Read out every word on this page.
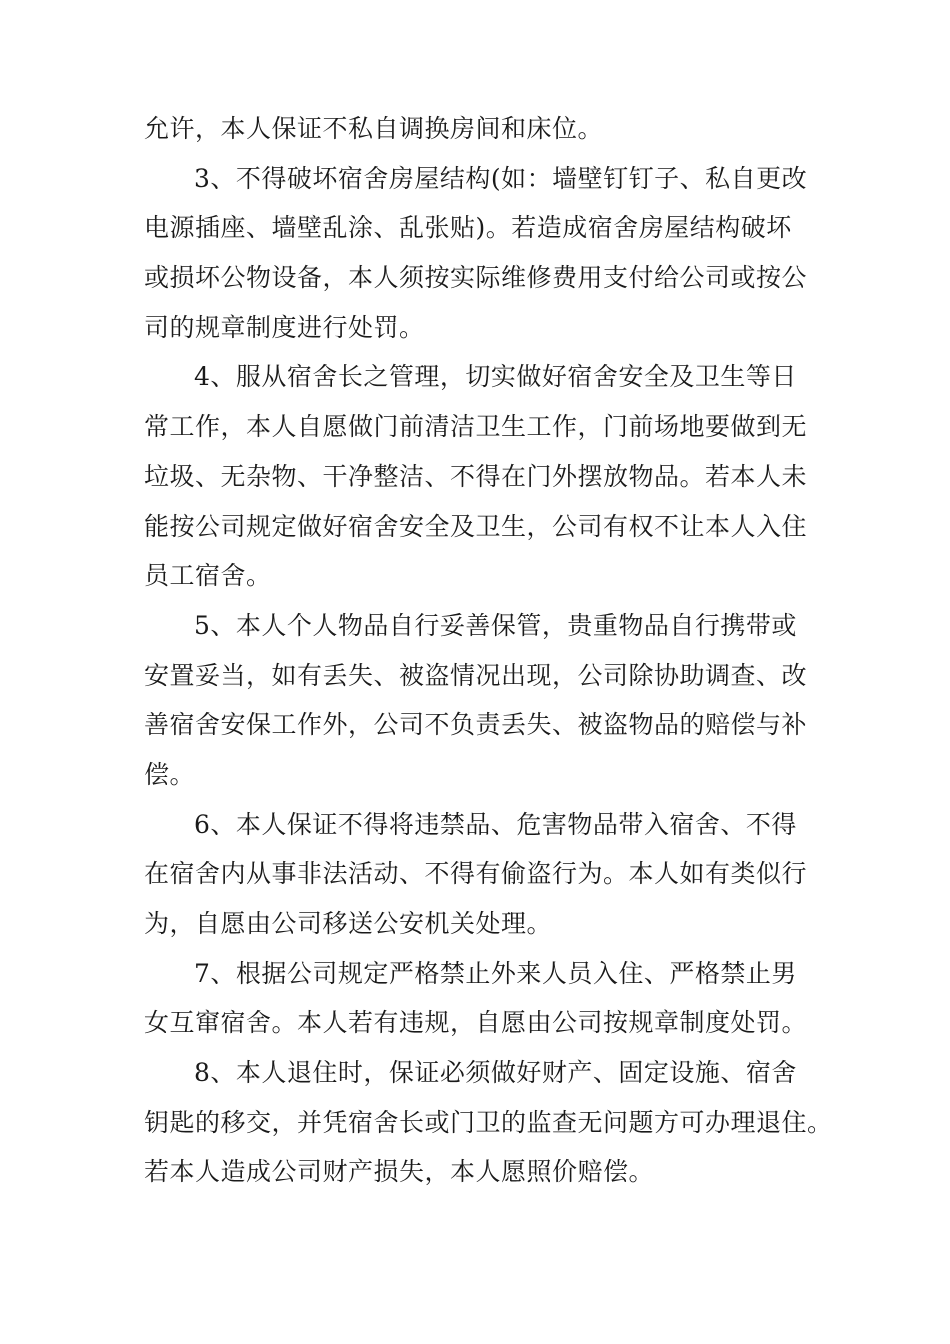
允许，本人保证不私自调换房间和床位。
3、不得破坏宿舍房屋结构(如：墙壁钉钉子、私自更改
电源插座、墙壁乱涂、乱张贴)。若造成宿舍房屋结构破坏
或损坏公物设备，本人须按实际维修费用支付给公司或按公
司的规章制度进行处罚。
4、服从宿舍长之管理，切实做好宿舍安全及卫生等日
常工作，本人自愿做门前清洁卫生工作，门前场地要做到无
垃圾、无杂物、干净整洁、不得在门外摆放物品。若本人未
能按公司规定做好宿舍安全及卫生，公司有权不让本人入住
员工宿舍。
5、本人个人物品自行妥善保管，贵重物品自行携带或
安置妥当，如有丢失、被盗情况出现，公司除协助调查、改
善宿舍安保工作外，公司不负责丢失、被盗物品的赔偿与补
偿。
6、本人保证不得将违禁品、危害物品带入宿舍、不得
在宿舍内从事非法活动、不得有偷盗行为。本人如有类似行
为，自愿由公司移送公安机关处理。
7、根据公司规定严格禁止外来人员入住、严格禁止男
女互窜宿舍。本人若有违规，自愿由公司按规章制度处罚。
8、本人退住时，保证必须做好财产、固定设施、宿舍
钥匙的移交，并凭宿舍长或门卫的监查无问题方可办理退住。
若本人造成公司财产损失，本人愿照价赔偿。
